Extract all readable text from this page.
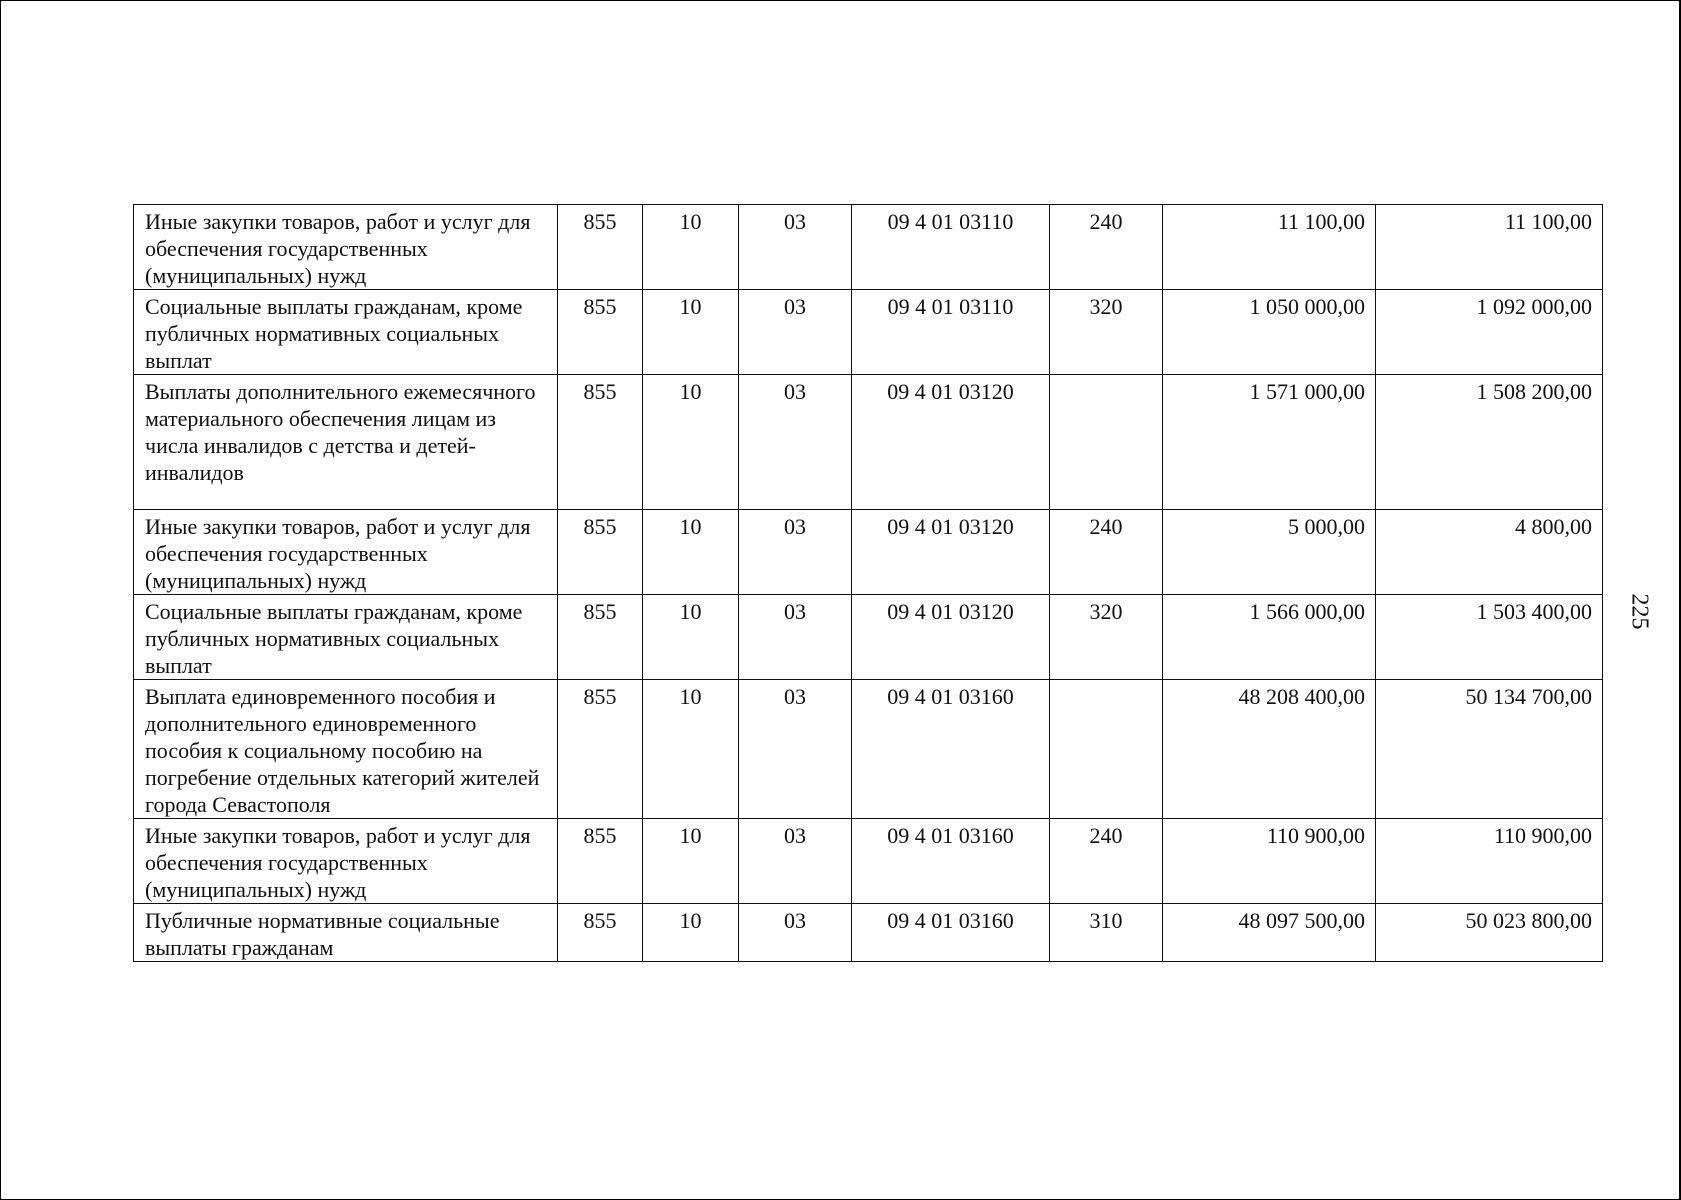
Иные закупки товаров, работ и услуг для обеспечения государственных (муниципальных) нужд	855	10	03	09 4 01 03110	240	11 100,00	11 100,00
Социальные выплаты гражданам, кроме публичных нормативных социальных выплат	855	10	03	09 4 01 03110	320	1 050 000,00	1 092 000,00
Выплаты дополнительного ежемесячного материального обеспечения лицам из числа инвалидов с детства и детей-инвалидов	855	10	03	09 4 01 03120		1 571 000,00	1 508 200,00
Иные закупки товаров, работ и услуг для обеспечения государственных (муниципальных) нужд	855	10	03	09 4 01 03120	240	5 000,00	4 800,00
Социальные выплаты гражданам, кроме публичных нормативных социальных выплат	855	10	03	09 4 01 03120	320	1 566 000,00	1 503 400,00
Выплата единовременного пособия и дополнительного единовременного пособия к социальному пособию на погребение отдельных категорий жителей города Севастополя	855	10	03	09 4 01 03160		48 208 400,00	50 134 700,00
Иные закупки товаров, работ и услуг для обеспечения государственных (муниципальных) нужд	855	10	03	09 4 01 03160	240	110 900,00	110 900,00
Публичные нормативные социальные выплаты гражданам	855	10	03	09 4 01 03160	310	48 097 500,00	50 023 800,00
225
